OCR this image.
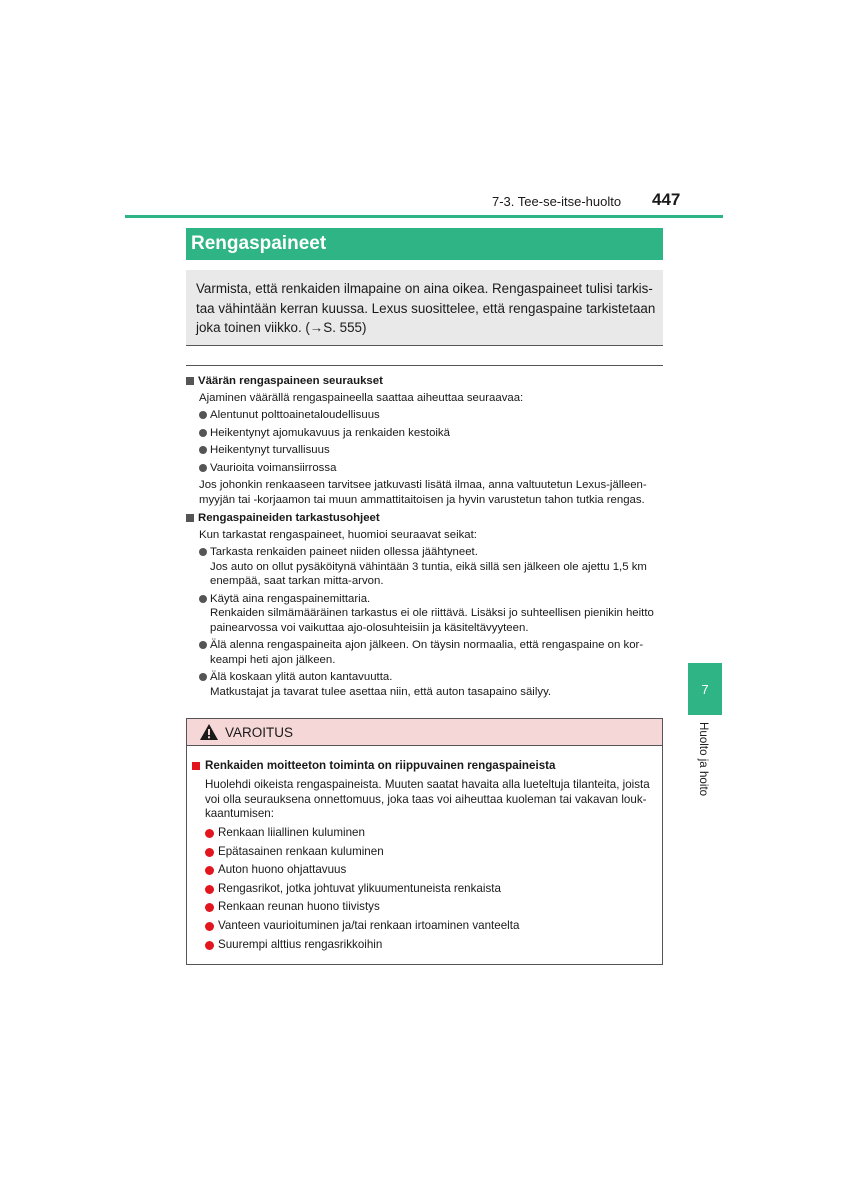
7-3. Tee-se-itse-huolto 447
Rengaspaineet
Varmista, että renkaiden ilmapaine on aina oikea. Rengaspaineet tulisi tarkis-
taa vähintään kerran kuussa. Lexus suosittelee, että rengaspaine tarkistetaan
joka toinen viikko. (→S. 555)
Väärän rengaspaineen seuraukset
Ajaminen väärällä rengaspaineella saattaa aiheuttaa seuraavaa:
Alentunut polttoainetaloudellisuus
Heikentynyt ajomukavuus ja renkaiden kestoikä
Heikentynyt turvallisuus
Vaurioita voimansiirrossa
Jos johonkin renkaaseen tarvitsee jatkuvasti lisätä ilmaa, anna valtuutetun Lexus-jälleen-
myyjän tai -korjaamon tai muun ammattitaitoisen ja hyvin varustetun tahon tutkia rengas.
Rengaspaineiden tarkastusohjeet
Kun tarkastat rengaspaineet, huomioi seuraavat seikat:
Tarkasta renkaiden paineet niiden ollessa jäähtyneet.
Jos auto on ollut pysäköitynä vähintään 3 tuntia, eikä sillä sen jälkeen ole ajettu 1,5 km
enempää, saat tarkan mitta-arvon.
Käytä aina rengaspainemittaria.
Renkaiden silmämääräinen tarkastus ei ole riittävä. Lisäksi jo suhteellisen pienikin heitto
painearvossa voi vaikuttaa ajo-olosuhteisiin ja käsiteltävyyteen.
Älä alenna rengaspaineita ajon jälkeen. On täysin normaalia, että rengaspaine on kor-
keampi heti ajon jälkeen.
Älä koskaan ylitä auton kantavuutta.
Matkustajat ja tavarat tulee asettaa niin, että auton tasapaino säilyy.
VAROITUS
Renkaiden moitteeton toiminta on riippuvainen rengaspaineista
Huolehdi oikeista rengaspaineista. Muuten saatat havaita alla lueteltuja tilanteita, joista
voi olla seurauksena onnettomuus, joka taas voi aiheuttaa kuoleman tai vakavan louk-
kaantumisen:
Renkaan liiallinen kuluminen
Epätasainen renkaan kuluminen
Auton huono ohjattavuus
Rengasrikot, jotka johtuvat ylikuumentuneista renkaista
Renkaan reunan huono tiivistys
Vanteen vaurioituminen ja/tai renkaan irtoaminen vanteelta
Suurempi alttius rengasrikkoihin
7
Huolto ja hoito
